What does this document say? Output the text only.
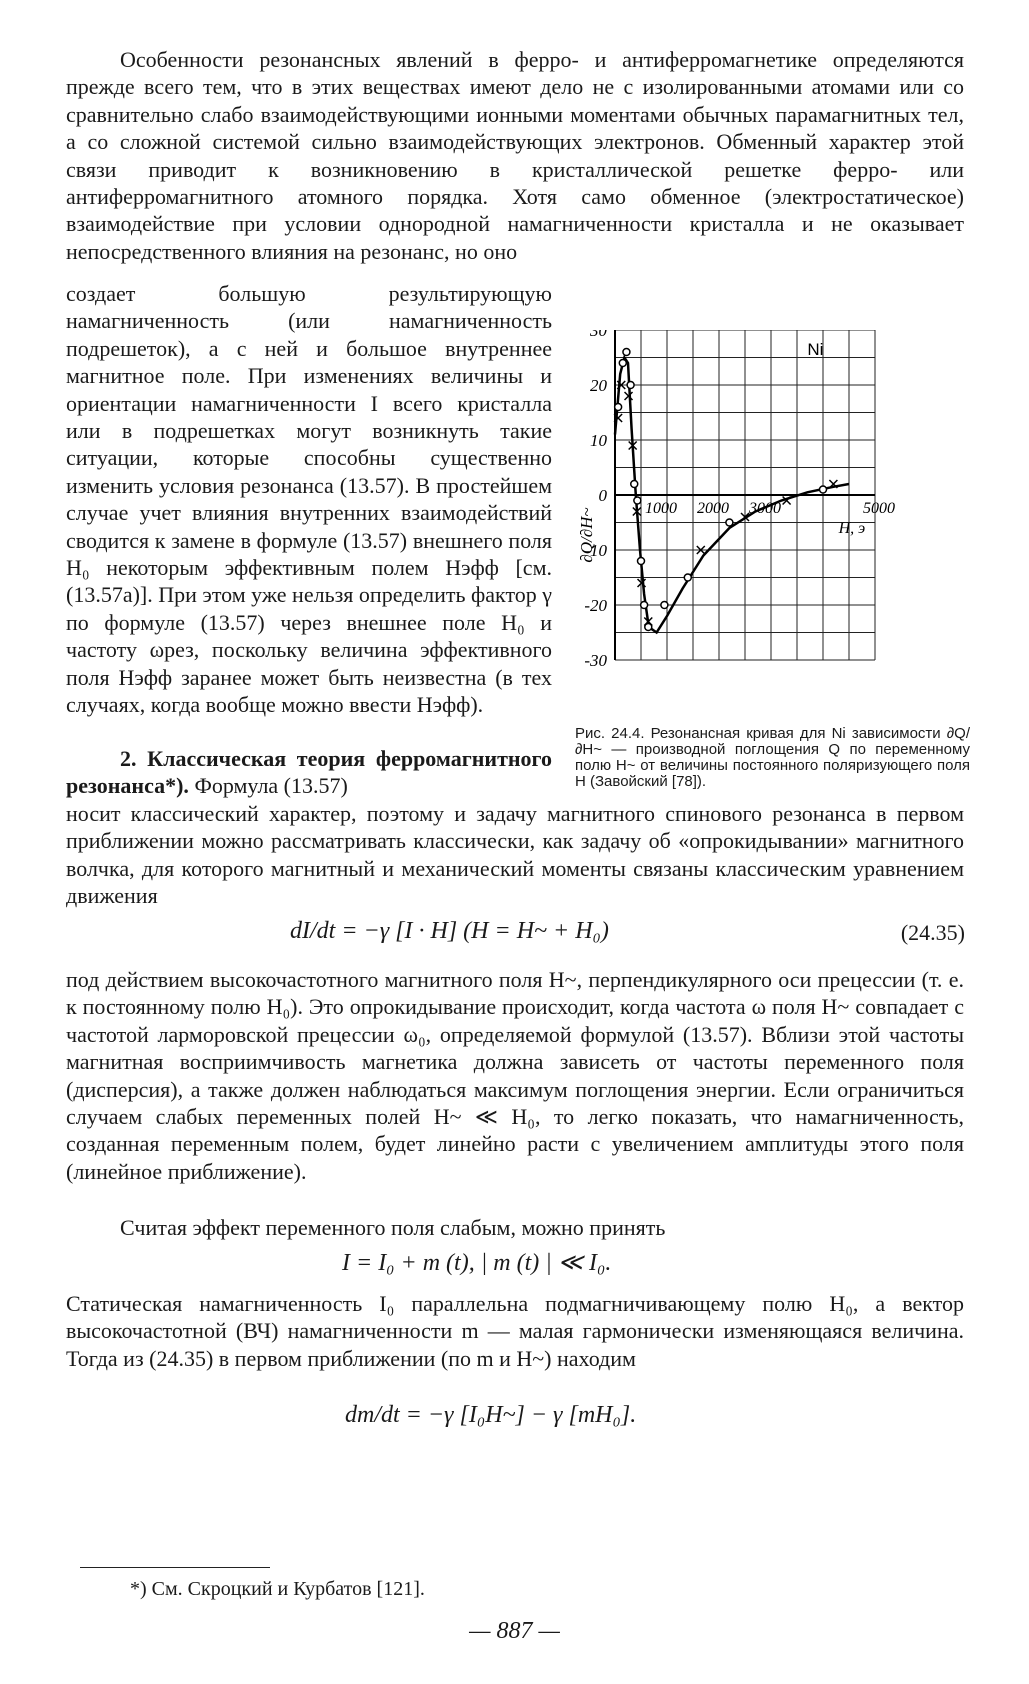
Особенности резонансных явлений в ферро- и антиферромагнетике определяются прежде всего тем, что в этих веществах имеют дело не с изолированными атомами или со сравнительно слабо взаимодействующими ионными моментами обычных парамагнитных тел, а со сложной системой сильно взаимодействующих электронов. Обменный характер этой связи приводит к возникновению в кристаллической решетке ферро- или антиферромагнитного атомного порядка. Хотя само обменное (электростатическое) взаимодействие при условии однородной намагниченности кристалла и не оказывает непосредственного влияния на резонанс, но оно

создает большую результирующую намагниченность (или намагниченность подрешеток), а с ней и большое внутреннее магнитное поле. При изменениях величины и ориентации намагниченности I всего кристалла или в подрешетках могут возникнуть такие ситуации, которые способны существенно изменить условия резонанса (13.57). В простейшем случае учет влияния внутренних взаимодействий сводится к замене в формуле (13.57) внешнего поля H₀ некоторым эффективным полем Hэфф [см. (13.57а)]. При этом уже нельзя определить фактор γ по формуле (13.57) через внешнее поле H₀ и частоту ωрез, поскольку величина эффективного поля Hэфф заранее может быть неизвестна (в тех случаях, когда вообще можно ввести Hэфф).

2. Классическая теория ферромагнитного резонанса*). Формула (13.57)

носит классический характер, поэтому и задачу магнитного спинового резонанса в первом приближении можно рассматривать классически, как задачу об «опрокидывании» магнитного волчка, для которого магнитный и механический моменты связаны классическим уравнением движения

dI/dt = −γ [I · H] (H = H~ + H₀)	(24.35)

под действием высокочастотного магнитного поля H~, перпендикулярного оси прецессии (т. е. к постоянному полю H₀). Это опрокидывание происходит, когда частота ω поля H~ совпадает с частотой ларморовской прецессии ω₀, определяемой формулой (13.57). Вблизи этой частоты магнитная восприимчивость магнетика должна зависеть от частоты переменного поля (дисперсия), а также должен наблюдаться максимум поглощения энергии. Если ограничиться случаем слабых переменных полей H~ ≪ H₀, то легко показать, что намагниченность, созданная переменным полем, будет линейно расти с увеличением амплитуды этого поля (линейное приближение).

Считая эффект переменного поля слабым, можно принять

I = I₀ + m (t), | m (t) | ≪ I₀.

Статическая намагниченность I₀ параллельна подмагничивающему полю H₀, а вектор высокочастотной (ВЧ) намагниченности m — малая гармонически изменяющаяся величина. Тогда из (24.35) в первом приближении (по m и H~) находим

dm/dt = −γ [I₀H~] − γ [mH₀].
30
20
10
0
-10
-20
-30
1000 2000 3000	5000
∂Q/∂H~	H, э
Ni
Рис. 24.4. Резонансная кривая для Ni зависимости ∂Q/∂H~ — производной поглощения Q по переменному полю H~ от величины постоянного поляризующего поля H (Завойский [78]).
*) См. Скроцкий и Курбатов [121].
— 887 —
